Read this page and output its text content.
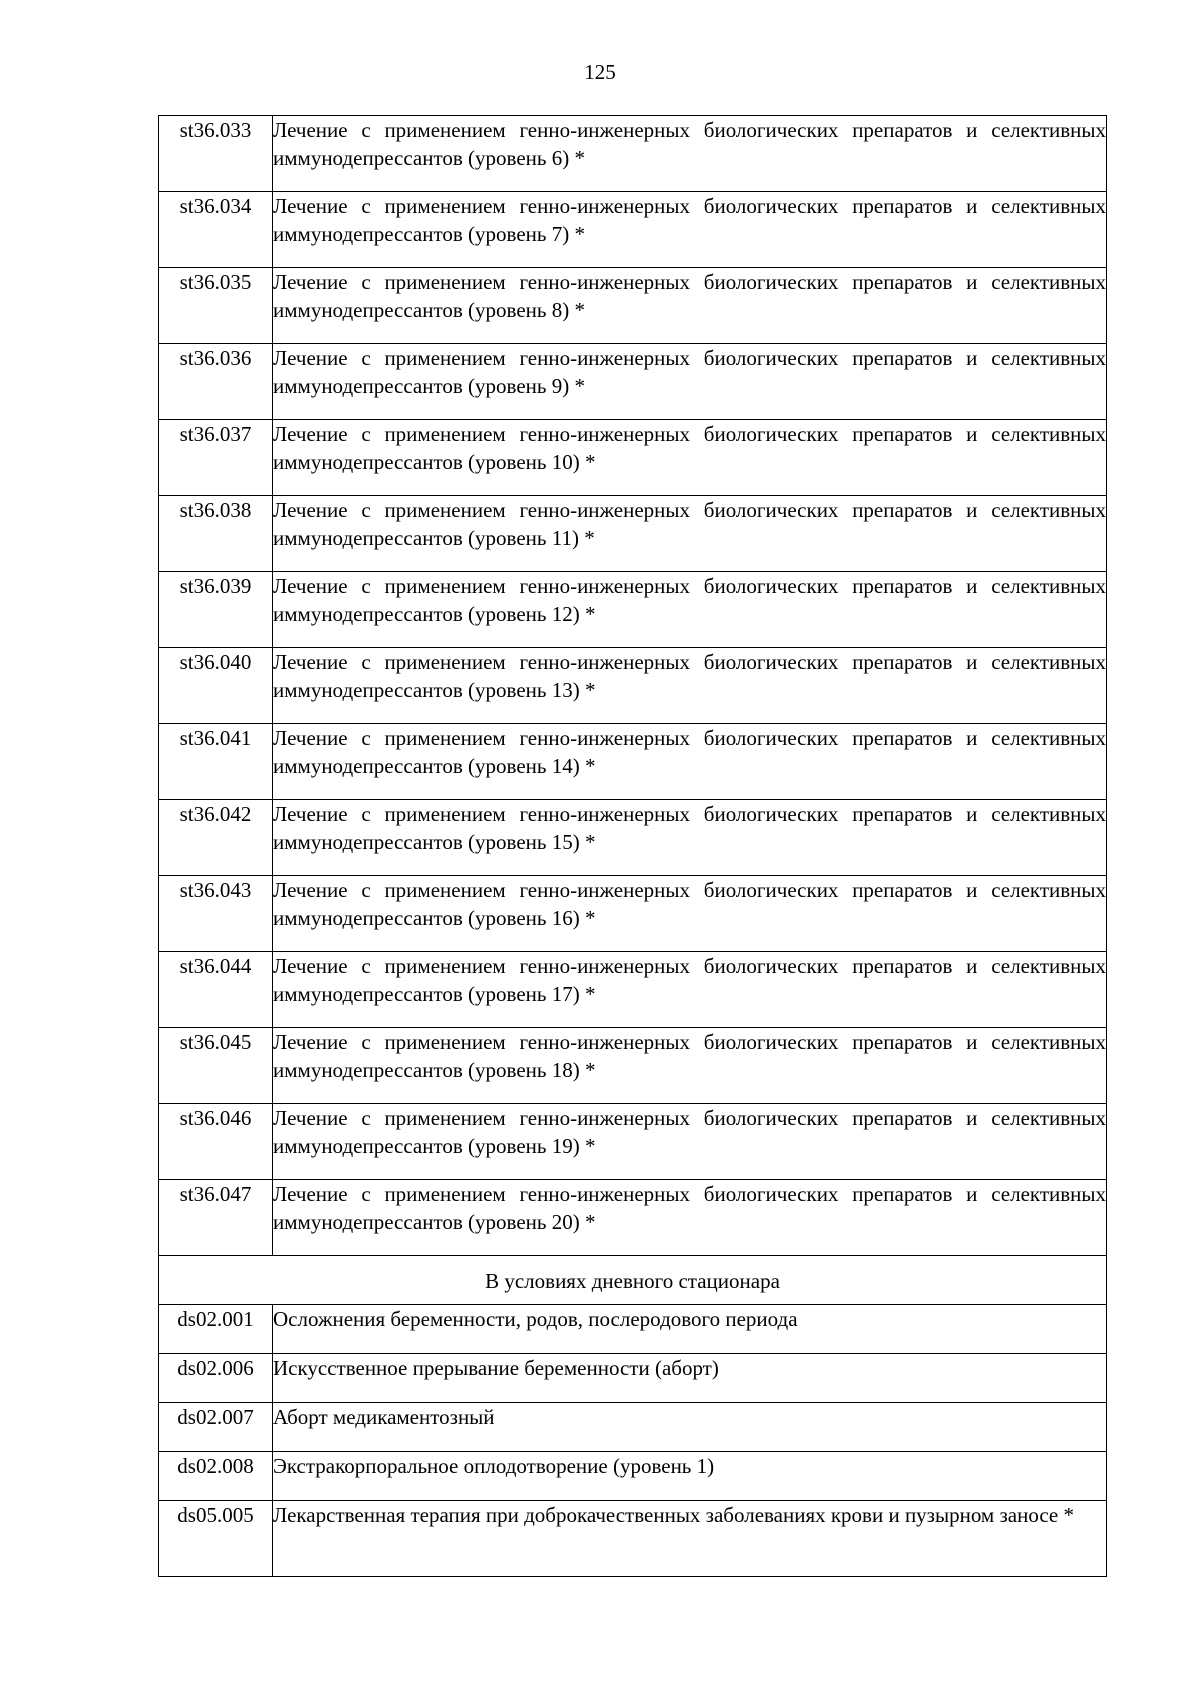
125
st36.033	Лечение с применением генно-инженерных биологических препаратов и селективных иммунодепрессантов (уровень 6) *
st36.034	Лечение с применением генно-инженерных биологических препаратов и селективных иммунодепрессантов (уровень 7) *
st36.035	Лечение с применением генно-инженерных биологических препаратов и селективных иммунодепрессантов (уровень 8) *
st36.036	Лечение с применением генно-инженерных биологических препаратов и селективных иммунодепрессантов (уровень 9) *
st36.037	Лечение с применением генно-инженерных биологических препаратов и селективных иммунодепрессантов (уровень 10) *
st36.038	Лечение с применением генно-инженерных биологических препаратов и селективных иммунодепрессантов (уровень 11) *
st36.039	Лечение с применением генно-инженерных биологических препаратов и селективных иммунодепрессантов (уровень 12) *
st36.040	Лечение с применением генно-инженерных биологических препаратов и селективных иммунодепрессантов (уровень 13) *
st36.041	Лечение с применением генно-инженерных биологических препаратов и селективных иммунодепрессантов (уровень 14) *
st36.042	Лечение с применением генно-инженерных биологических препаратов и селективных иммунодепрессантов (уровень 15) *
st36.043	Лечение с применением генно-инженерных биологических препаратов и селективных иммунодепрессантов (уровень 16) *
st36.044	Лечение с применением генно-инженерных биологических препаратов и селективных иммунодепрессантов (уровень 17) *
st36.045	Лечение с применением генно-инженерных биологических препаратов и селективных иммунодепрессантов (уровень 18) *
st36.046	Лечение с применением генно-инженерных биологических препаратов и селективных иммунодепрессантов (уровень 19) *
st36.047	Лечение с применением генно-инженерных биологических препаратов и селективных иммунодепрессантов (уровень 20) *
В условиях дневного стационара	
ds02.001	Осложнения беременности, родов, послеродового периода
ds02.006	Искусственное прерывание беременности (аборт)
ds02.007	Аборт медикаментозный
ds02.008	Экстракорпоральное оплодотворение (уровень 1)
ds05.005	Лекарственная терапия при доброкачественных заболеваниях крови и пузырном заносе *
